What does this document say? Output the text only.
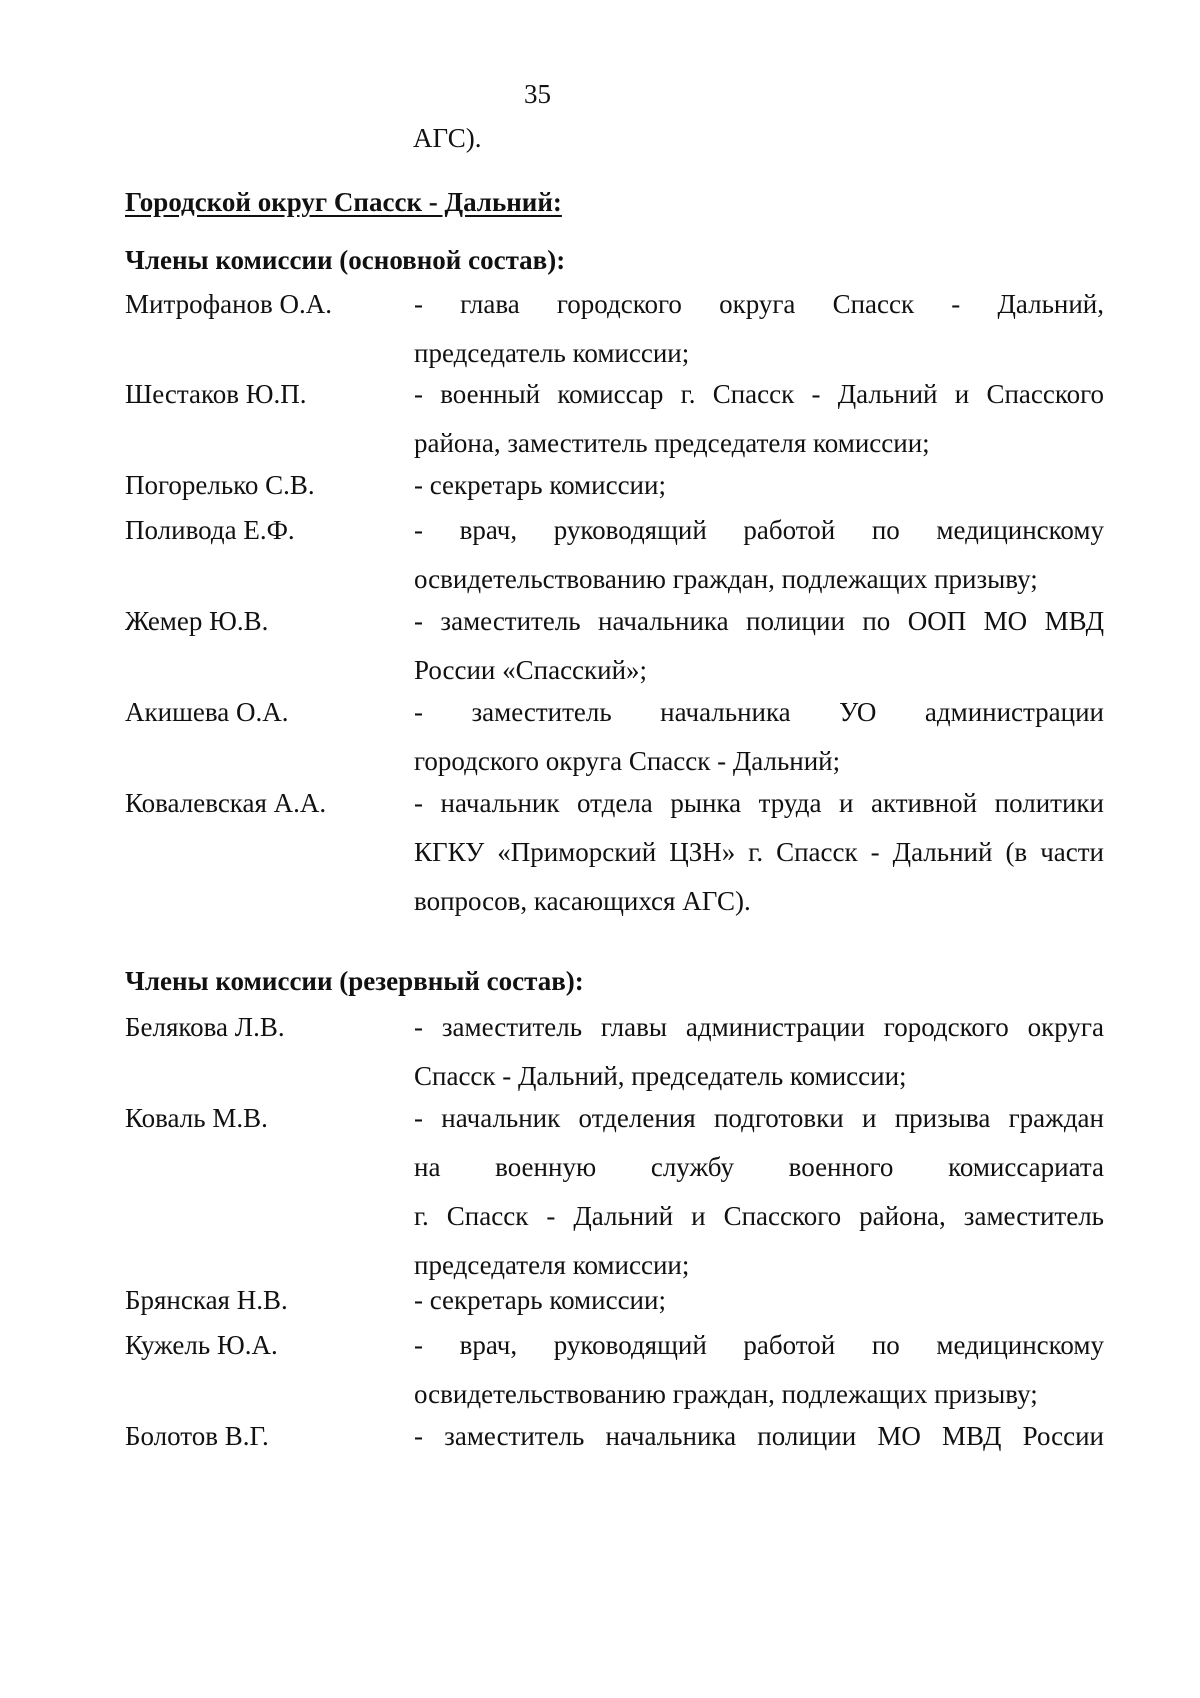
35
АГС).
Городской округ Спасск - Дальний:
Члены комиссии (основной состав):
Митрофанов О.А.	- глава городского округа Спасск - Дальний,
председатель комиссии;
Шестаков Ю.П.	- военный комиссар г. Спасск - Дальний и Спасского
района, заместитель председателя комиссии;
Погорелько С.В.	- секретарь комиссии;
Поливода Е.Ф.	- врач, руководящий работой по медицинскому
освидетельствованию граждан, подлежащих призыву;
Жемер Ю.В.	- заместитель начальника полиции по ООП МО МВД
России «Спасский»;
Акишева О.А.	- заместитель начальника УО администрации
городского округа Спасск - Дальний;
Ковалевская А.А.	- начальник отдела рынка труда и активной политики
КГКУ «Приморский ЦЗН» г. Спасск - Дальний (в части
вопросов, касающихся АГС).
Члены комиссии (резервный состав):
Белякова Л.В.	- заместитель главы администрации городского округа
Спасск - Дальний, председатель комиссии;
Коваль М.В.	- начальник отделения подготовки и призыва граждан
на военную службу военного комиссариата
г. Спасск - Дальний и Спасского района, заместитель
председателя комиссии;
Брянская Н.В.	- секретарь комиссии;
Кужель Ю.А.	- врач, руководящий работой по медицинскому
освидетельствованию граждан, подлежащих призыву;
Болотов В.Г.	- заместитель начальника полиции МО МВД России
